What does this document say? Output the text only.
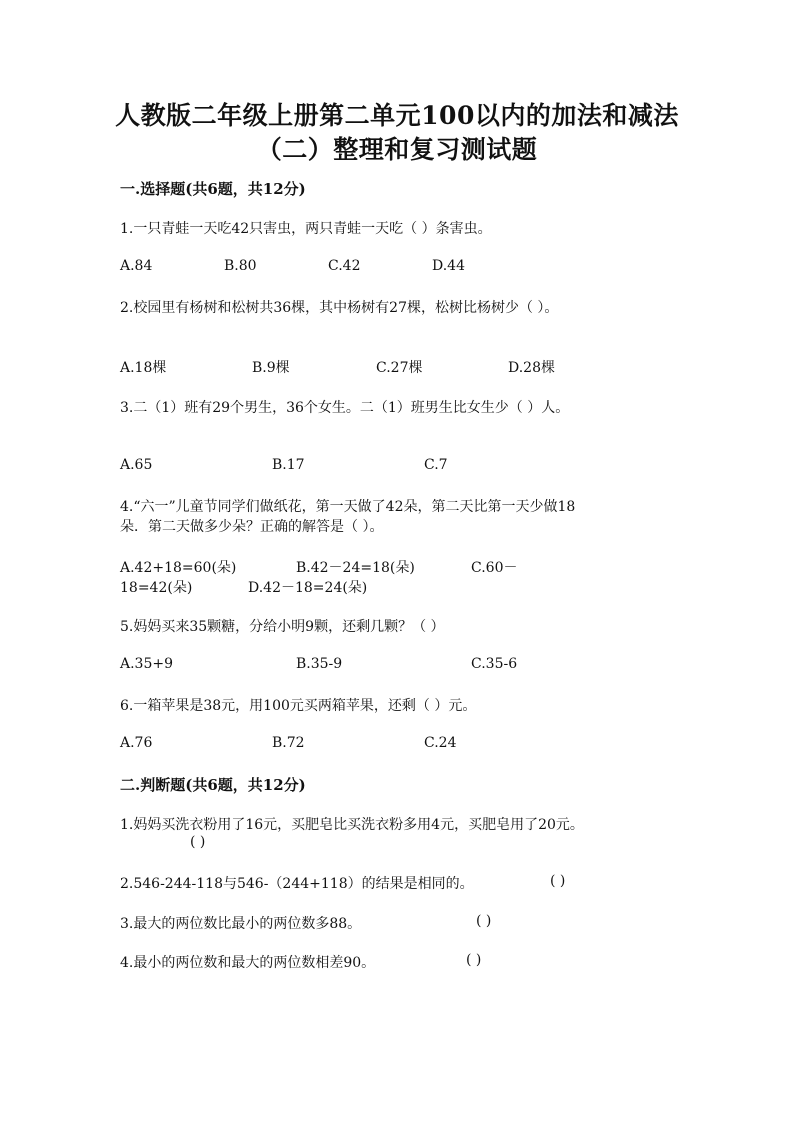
人教版二年级上册第二单元100以内的加法和减法
（二）整理和复习测试题
一.选择题(共6题，共12分)
1.一只青蛙一天吃42只害虫，两只青蛙一天吃（ ）条害虫。
A.84	B.80	C.42	D.44
2.校园里有杨树和松树共36棵，其中杨树有27棵，松树比杨树少（ ）。
A.18棵	B.9棵	C.27棵	D.28棵
3.二（1）班有29个男生，36个女生。二（1）班男生比女生少（ ）人。
A.65	B.17	C.7
4.“六一”儿童节同学们做纸花，第一天做了42朵，第二天比第一天少做18
朵．第二天做多少朵？正确的解答是（ ）。
A.42+18=60(朵)	B.42－24=18(朵)	C.60－
18=42(朵)	D.42－18=24(朵)
5.妈妈买来35颗糖，分给小明9颗，还剩几颗？（ ）
A.35+9	B.35-9	C.35-6
6.一箱苹果是38元，用100元买两箱苹果，还剩（ ）元。
A.76	B.72	C.24
二.判断题(共6题，共12分)
1.妈妈买洗衣粉用了16元，买肥皂比买洗衣粉多用4元，买肥皂用了20元。
( )
2.546-244-118与546-（244+118）的结果是相同的。	( )
3.最大的两位数比最小的两位数多88。	( )
4.最小的两位数和最大的两位数相差90。	( )
